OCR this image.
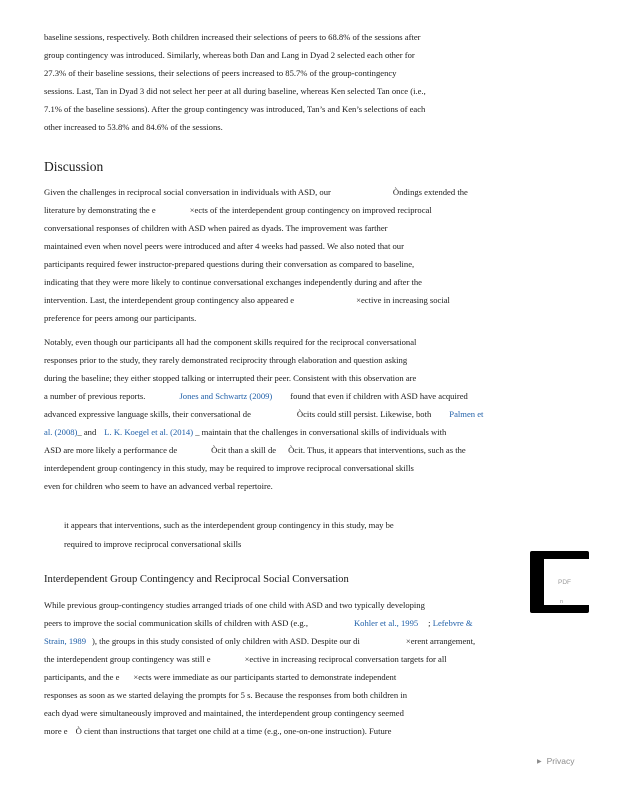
baseline sessions, respectively. Both children increased their selections of peers to 68.8% of the sessions after
group contingency was introduced. Similarly, whereas both Dan and Lang in Dyad 2 selected each other for
27.3% of their baseline sessions, their selections of peers increased to 85.7% of the group-contingency
sessions. Last, Tan in Dyad 3 did not select her peer at all during baseline, whereas Ken selected Tan once (i.e.,
7.1% of the baseline sessions). After the group contingency was introduced, Tan’s and Ken’s selections of each
other increased to 53.8% and 84.6% of the sessions.
Discussion
Given the challenges in reciprocal social conversation in individuals with ASD, our	Òndings extended the
literature by demonstrating the e	×ects of the interdependent group contingency on improved reciprocal
conversational responses of children with ASD when paired as dyads. The improvement was farther
maintained even when novel peers were introduced and after 4 weeks had passed. We also noted that our
participants required fewer instructor-prepared questions during their conversation as compared to baseline,
indicating that they were more likely to continue conversational exchanges independently during and after the
intervention. Last, the interdependent group contingency also appeared e	×ective in increasing social
preference for peers among our participants.
Notably, even though our participants all had the component skills required for the reciprocal conversational
responses prior to the study, they rarely demonstrated reciprocity through elaboration and question asking
during the baseline; they either stopped talking or interrupted their peer. Consistent with this observation are
a number of previous reports.	Jones and Schwartz (2009) found that even if children with ASD have acquired
advanced expressive language skills, their conversational de	Òcits could still persist. Likewise, both Palmen et
al. (2008)_ and L. K. Koegel et al. (2014) _ maintain that the challenges in conversational skills of individuals with
ASD are more likely a performance de	Òcit than a skill de Òcit. Thus, it appears that interventions, such as the
interdependent group contingency in this study, may be required to improve reciprocal conversational skills
even for children who seem to have an advanced verbal repertoire.
it appears that interventions, such as the interdependent group contingency in this study, may be
required to improve reciprocal conversational skills
Interdependent Group Contingency and Reciprocal Social Conversation
While previous group-contingency studies arranged triads of one child with ASD and two typically developing
peers to improve the social communication skills of children with ASD (e.g.,	Kohler et al., 1995 ; Lefebvre &
Strain, 1989 ), the groups in this study consisted of only children with ASD. Despite our di	×erent arrangement,
the interdependent group contingency was still e	×ective in increasing reciprocal conversation targets for all
participants, and the e ×ects were immediate as our participants started to demonstrate independent
responses as soon as we started delaying the prompts for 5 s. Because the responses from both children in
each dyad were simultaneously improved and maintained, the interdependent group contingency seemed
more e Ò cient than instructions that target one child at a time (e.g., one-on-one instruction). Future
PDF
n
▶ Privacy
